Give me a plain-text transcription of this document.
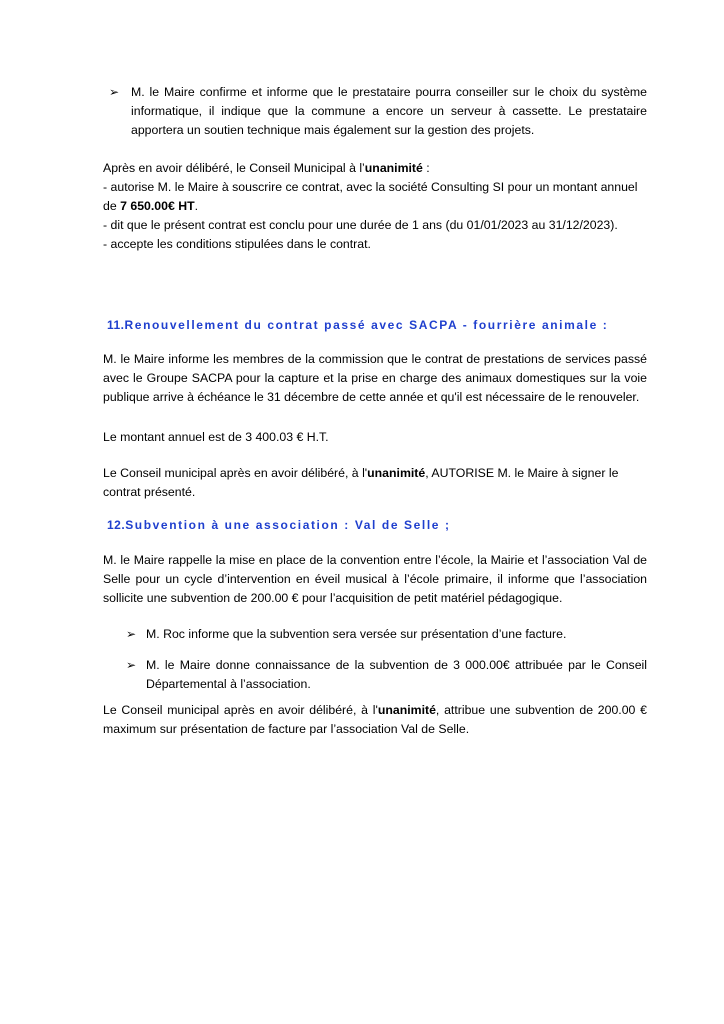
➢ M. le Maire confirme et informe que le prestataire pourra conseiller sur le choix du système informatique, il indique que la commune a encore un serveur à cassette. Le prestataire apportera un soutien technique mais également sur la gestion des projets.
Après en avoir délibéré, le Conseil Municipal à l’unanimité :
- autorise M. le Maire à souscrire ce contrat, avec la société Consulting SI pour un montant annuel
de 7 650.00€ HT.
- dit que le présent contrat est conclu pour une durée de 1 ans (du 01/01/2023 au 31/12/2023).
- accepte les conditions stipulées dans le contrat.
11.Renouvellement du contrat passé avec SACPA - fourrière animale :
M. le Maire informe les membres de la commission que le contrat de prestations de services passé avec le Groupe SACPA pour la capture et la prise en charge des animaux domestiques sur la voie publique arrive à échéance le 31 décembre de cette année et qu'il est nécessaire de le renouveler.
Le montant annuel est de 3 400.03 € H.T.
Le Conseil municipal après en avoir délibéré, à l'unanimité, AUTORISE M. le Maire à signer le
contrat présenté.
12.Subvention à une association : Val de Selle ;
M. le Maire rappelle la mise en place de la convention entre l’école, la Mairie et l’association Val de Selle pour un cycle d’intervention en éveil musical à l’école primaire, il informe que l’association sollicite une subvention de 200.00 € pour l’acquisition de petit matériel pédagogique.
➢ M. Roc informe que la subvention sera versée sur présentation d’une facture.
➢ M. le Maire donne connaissance de la subvention de 3 000.00€ attribuée par le Conseil Départemental à l’association.
Le Conseil municipal après en avoir délibéré, à l'unanimité, attribue une subvention de 200.00 € maximum sur présentation de facture par l’association Val de Selle.
